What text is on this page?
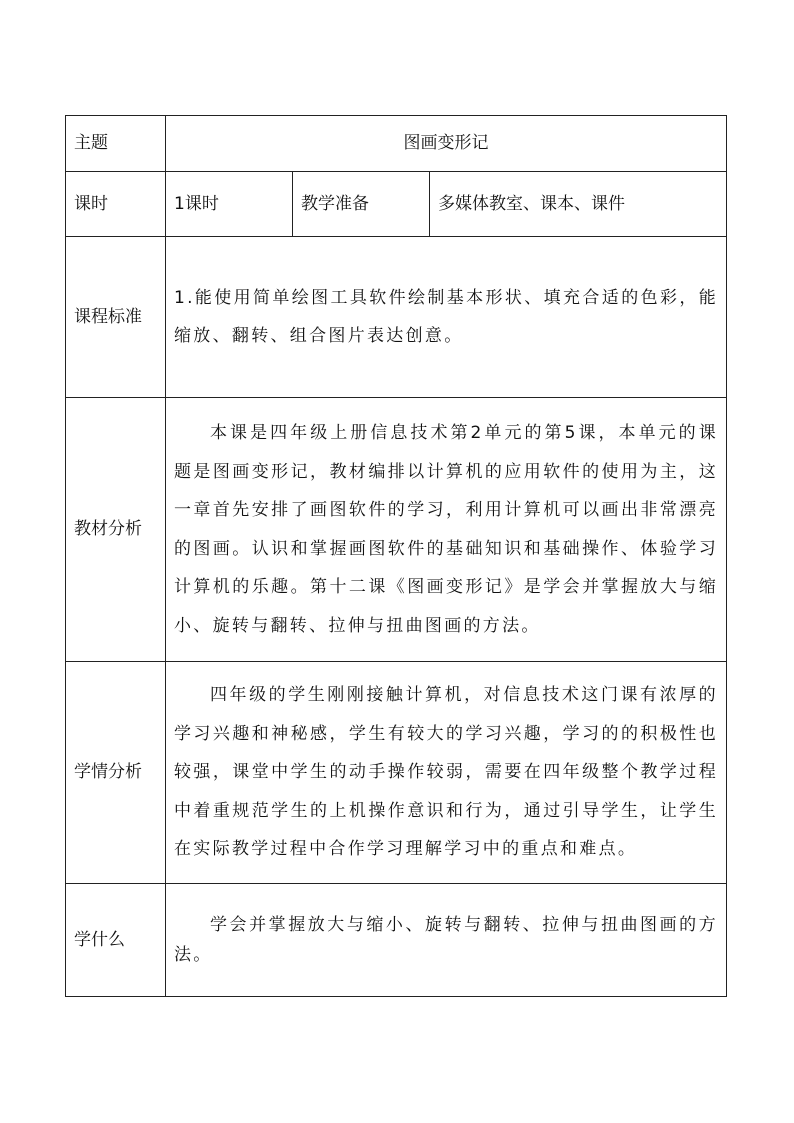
主题	图画变形记		
课时	1课时	教学准备	多媒体教室、课本、课件
课程标准	1.能使用简单绘图工具软件绘制基本形状、填充合适的色彩，能缩放、翻转、组合图片表达创意。		

教材分析	本课是四年级上册信息技术第2单元的第5课，本单元的课题是图画变形记，教材编排以计算机的应用软件的使用为主，这一章首先安排了画图软件的学习，利用计算机可以画出非常漂亮的图画。认识和掌握画图软件的基础知识和基础操作、体验学习计算机的乐趣。第十二课《图画变形记》是学会并掌握放大与缩小、旋转与翻转、拉伸与扭曲图画的方法。		

学情分析	四年级的学生刚刚接触计算机，对信息技术这门课有浓厚的学习兴趣和神秘感，学生有较大的学习兴趣，学习的的积极性也较强，课堂中学生的动手操作较弱，需要在四年级整个教学过程中着重规范学生的上机操作意识和行为，通过引导学生，让学生在实际教学过程中合作学习理解学习中的重点和难点。		

学什么	学会并掌握放大与缩小、旋转与翻转、拉伸与扭曲图画的方法。		
